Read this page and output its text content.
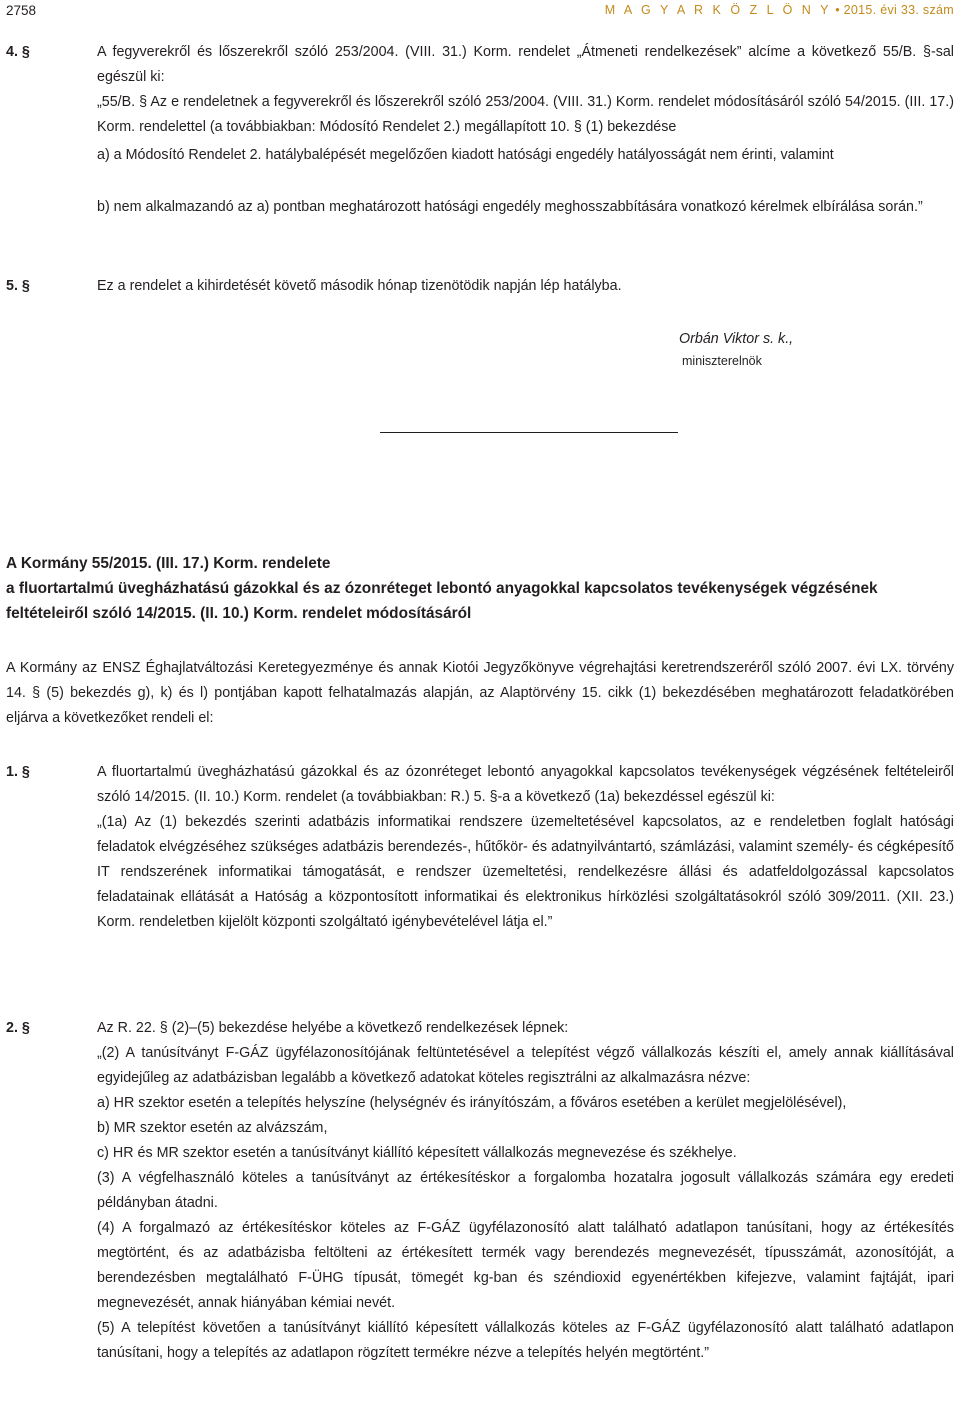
2758	M A G Y A R K Ö Z L Ö N Y • 2015. évi 33. szám
4. §	A fegyverekről és lőszerekről szóló 253/2004. (VIII. 31.) Korm. rendelet „Átmeneti rendelkezések” alcíme a következő 55/B. §-sal egészül ki:

„55/B. § Az e rendeletnek a fegyverekről és lőszerekről szóló 253/2004. (VIII. 31.) Korm. rendelet módosításáról szóló 54/2015. (III. 17.) Korm. rendelettel (a továbbiakban: Módosító Rendelet 2.) megállapított 10. § (1) bekezdése

a) a Módosító Rendelet 2. hatálybalépését megelőzően kiadott hatósági engedély hatályosságát nem érinti, valamint

b) nem alkalmazandó az a) pontban meghatározott hatósági engedély meghosszabbítására vonatkozó kérelmek elbírálása során.”

5. §	Ez a rendelet a kihirdetését követő második hónap tizenötödik napján lép hatályba.

Orbán Viktor s. k.,
miniszterelnök
A Kormány 55/2015. (III. 17.) Korm. rendelete
a fluortartalmú üvegházhatású gázokkal és az ózonréteget lebontó anyagokkal kapcsolatos tevékenységek végzésének feltételeiről szóló 14/2015. (II. 10.) Korm. rendelet módosításáról

A Kormány az ENSZ Éghajlatváltozási Keretegyezménye és annak Kiotói Jegyzőkönyve végrehajtási keretrendszeréről szóló 2007. évi LX. törvény 14. § (5) bekezdés g), k) és l) pontjában kapott felhatalmazás alapján, az Alaptörvény 15. cikk (1) bekezdésében meghatározott feladatkörében eljárva a következőket rendeli el:

1. §	A fluortartalmú üvegházhatású gázokkal és az ózonréteget lebontó anyagokkal kapcsolatos tevékenységek végzésének feltételeiről szóló 14/2015. (II. 10.) Korm. rendelet (a továbbiakban: R.) 5. §-a a következő (1a) bekezdéssel egészül ki:

„(1a) Az (1) bekezdés szerinti adatbázis informatikai rendszere üzemeltetésével kapcsolatos, az e rendeletben foglalt hatósági feladatok elvégzéséhez szükséges adatbázis berendezés-, hűtőkör- és adatnyilvántartó, számlázási, valamint személy- és cégképesítő IT rendszerének informatikai támogatását, e rendszer üzemeltetési, rendelkezésre állási és adatfeldolgozással kapcsolatos feladatainak ellátását a Hatóság a központosított informatikai és elektronikus hírközlési szolgáltatásokról szóló 309/2011. (XII. 23.) Korm. rendeletben kijelölt központi szolgáltató igénybevételével látja el.”

2. §	Az R. 22. § (2)–(5) bekezdése helyébe a következő rendelkezések lépnek:

„(2) A tanúsítványt F-GÁZ ügyfélazonosítójának feltüntetésével a telepítést végző vállalkozás készíti el, amely annak kiállításával egyidejűleg az adatbázisban legalább a következő adatokat köteles regisztrálni az alkalmazásra nézve:

a) HR szektor esetén a telepítés helyszíne (helységnév és irányítószám, a főváros esetében a kerület megjelölésével),

b) MR szektor esetén az alvázszám,

c) HR és MR szektor esetén a tanúsítványt kiállító képesített vállalkozás megnevezése és székhelye.

(3) A végfelhasználó köteles a tanúsítványt az értékesítéskor a forgalomba hozatalra jogosult vállalkozás számára egy eredeti példányban átadni.

(4) A forgalmazó az értékesítéskor köteles az F-GÁZ ügyfélazonosító alatt található adatlapon tanúsítani, hogy az értékesítés megtörtént, és az adatbázisba feltölteni az értékesített termék vagy berendezés megnevezését, típusszámát, azonosítóját, a berendezésben megtalálható F-ÜHG típusát, tömegét kg-ban és széndioxid egyenértékben kifejezve, valamint fajtáját, ipari megnevezését, annak hiányában kémiai nevét.

(5) A telepítést követően a tanúsítványt kiállító képesített vállalkozás köteles az F-GÁZ ügyfélazonosító alatt található adatlapon tanúsítani, hogy a telepítés az adatlapon rögzített termékre nézve a telepítés helyén megtörtént.”
